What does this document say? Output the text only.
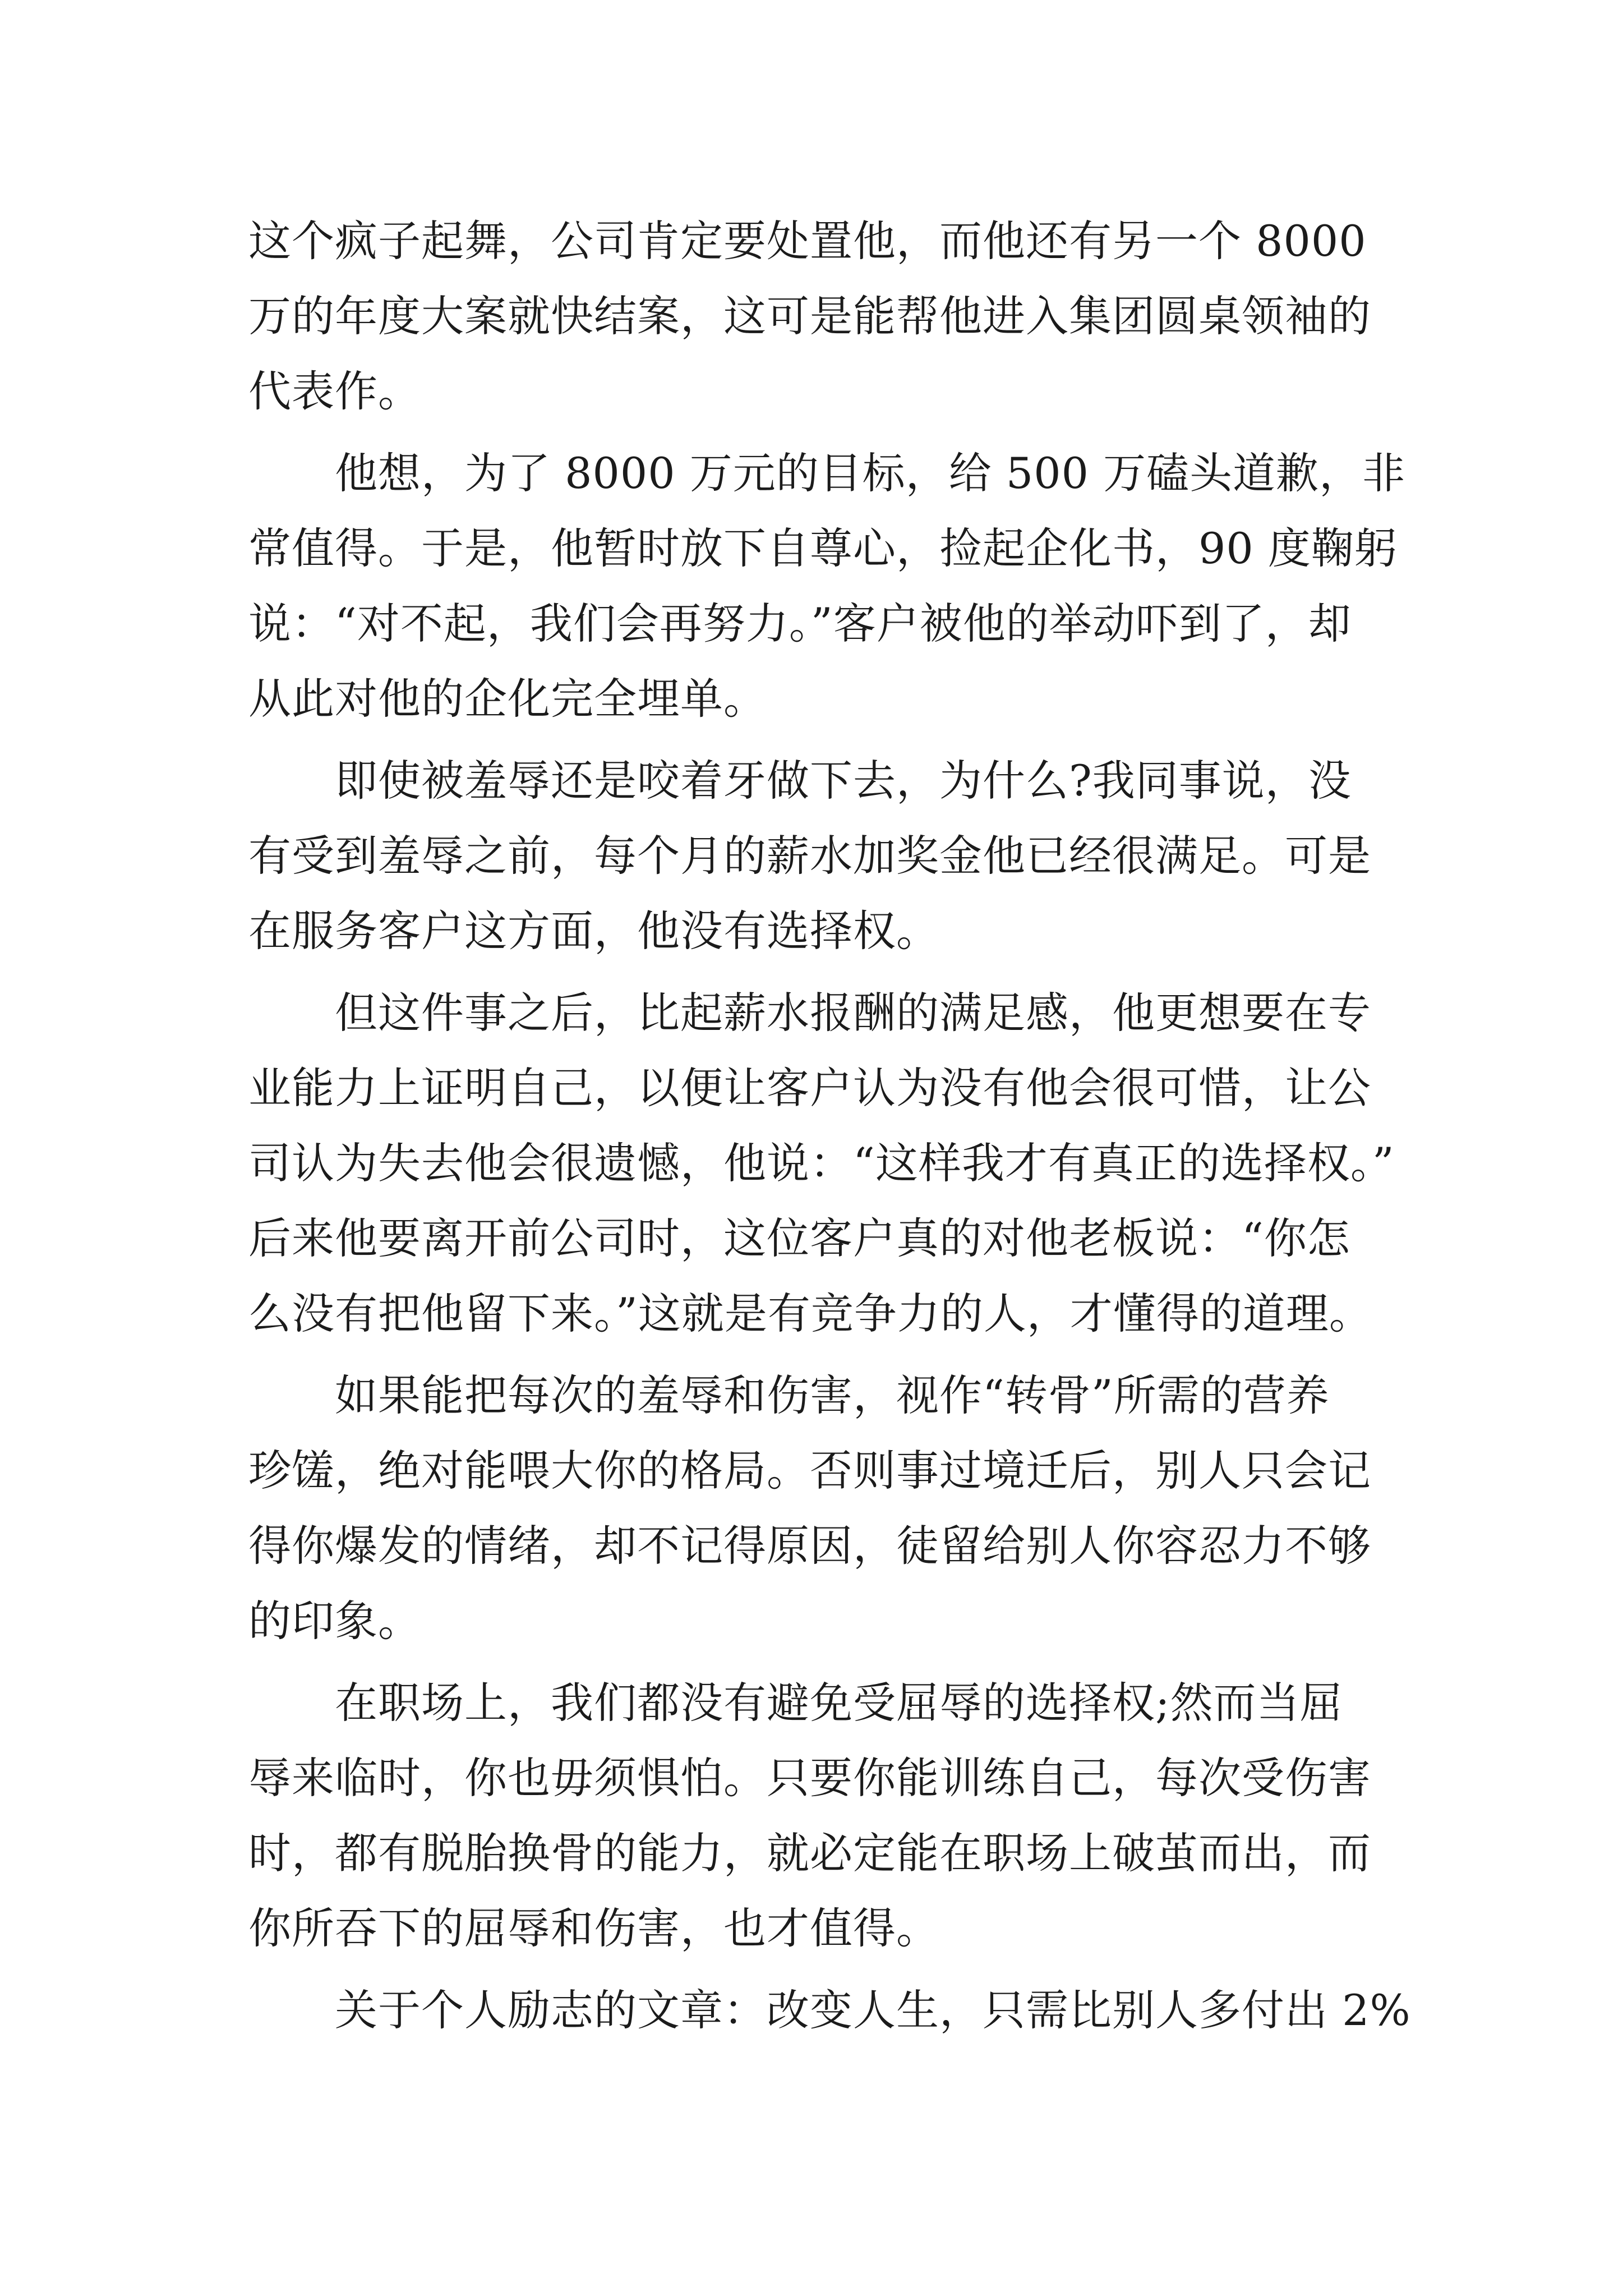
这个疯子起舞，公司肯定要处置他，而他还有另一个 8000
万的年度大案就快结案，这可是能帮他进入集团圆桌领袖的
代表作。
他想，为了 8000 万元的目标，给 500 万磕头道歉，非
常值得。于是，他暂时放下自尊心，捡起企化书，90 度鞠躬
说：“对不起，我们会再努力。”客户被他的举动吓到了，却
从此对他的企化完全埋单。
即使被羞辱还是咬着牙做下去，为什么?我同事说，没
有受到羞辱之前，每个月的薪水加奖金他已经很满足。可是
在服务客户这方面，他没有选择权。
但这件事之后，比起薪水报酬的满足感，他更想要在专
业能力上证明自己，以便让客户认为没有他会很可惜，让公
司认为失去他会很遗憾，他说：“这样我才有真正的选择权。”
后来他要离开前公司时，这位客户真的对他老板说：“你怎
么没有把他留下来。”这就是有竞争力的人，才懂得的道理。
如果能把每次的羞辱和伤害，视作“转骨”所需的营养
珍馐，绝对能喂大你的格局。否则事过境迁后，别人只会记
得你爆发的情绪，却不记得原因，徒留给别人你容忍力不够
的印象。
在职场上，我们都没有避免受屈辱的选择权;然而当屈
辱来临时，你也毋须惧怕。只要你能训练自己，每次受伤害
时，都有脱胎换骨的能力，就必定能在职场上破茧而出，而
你所吞下的屈辱和伤害，也才值得。
关于个人励志的文章：改变人生，只需比别人多付出 2%
